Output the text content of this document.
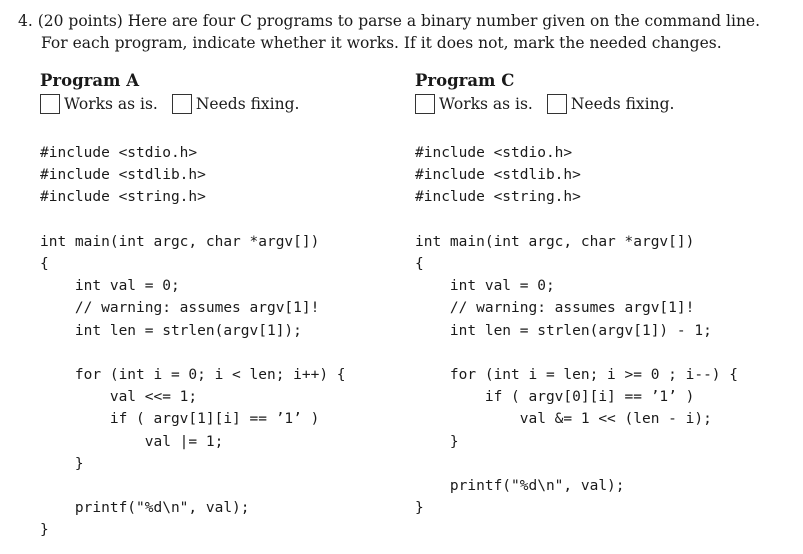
4. (20 points) Here are four C programs to parse a binary number given on the command line.
For each program, indicate whether it works. If it does not, mark the needed changes.
Program A
Works as is. Needs fixing.
#include <stdio.h>
#include <stdlib.h>
#include <string.h>

int main(int argc, char *argv[])
{
int val = 0;
// warning: assumes argv[1]!
int len = strlen(argv[1]);

for (int i = 0; i < len; i++) {
val <<= 1;
if ( argv[1][i] == ’1’ )
val |= 1;
}

printf("%d\n", val);
}
Program C
Works as is. Needs fixing.
#include <stdio.h>
#include <stdlib.h>
#include <string.h>

int main(int argc, char *argv[])
{
int val = 0;
// warning: assumes argv[1]!
int len = strlen(argv[1]) - 1;

for (int i = len; i >= 0 ; i--) {
if ( argv[0][i] == ’1’ )
val &= 1 << (len - i);
}

printf("%d\n", val);
}
